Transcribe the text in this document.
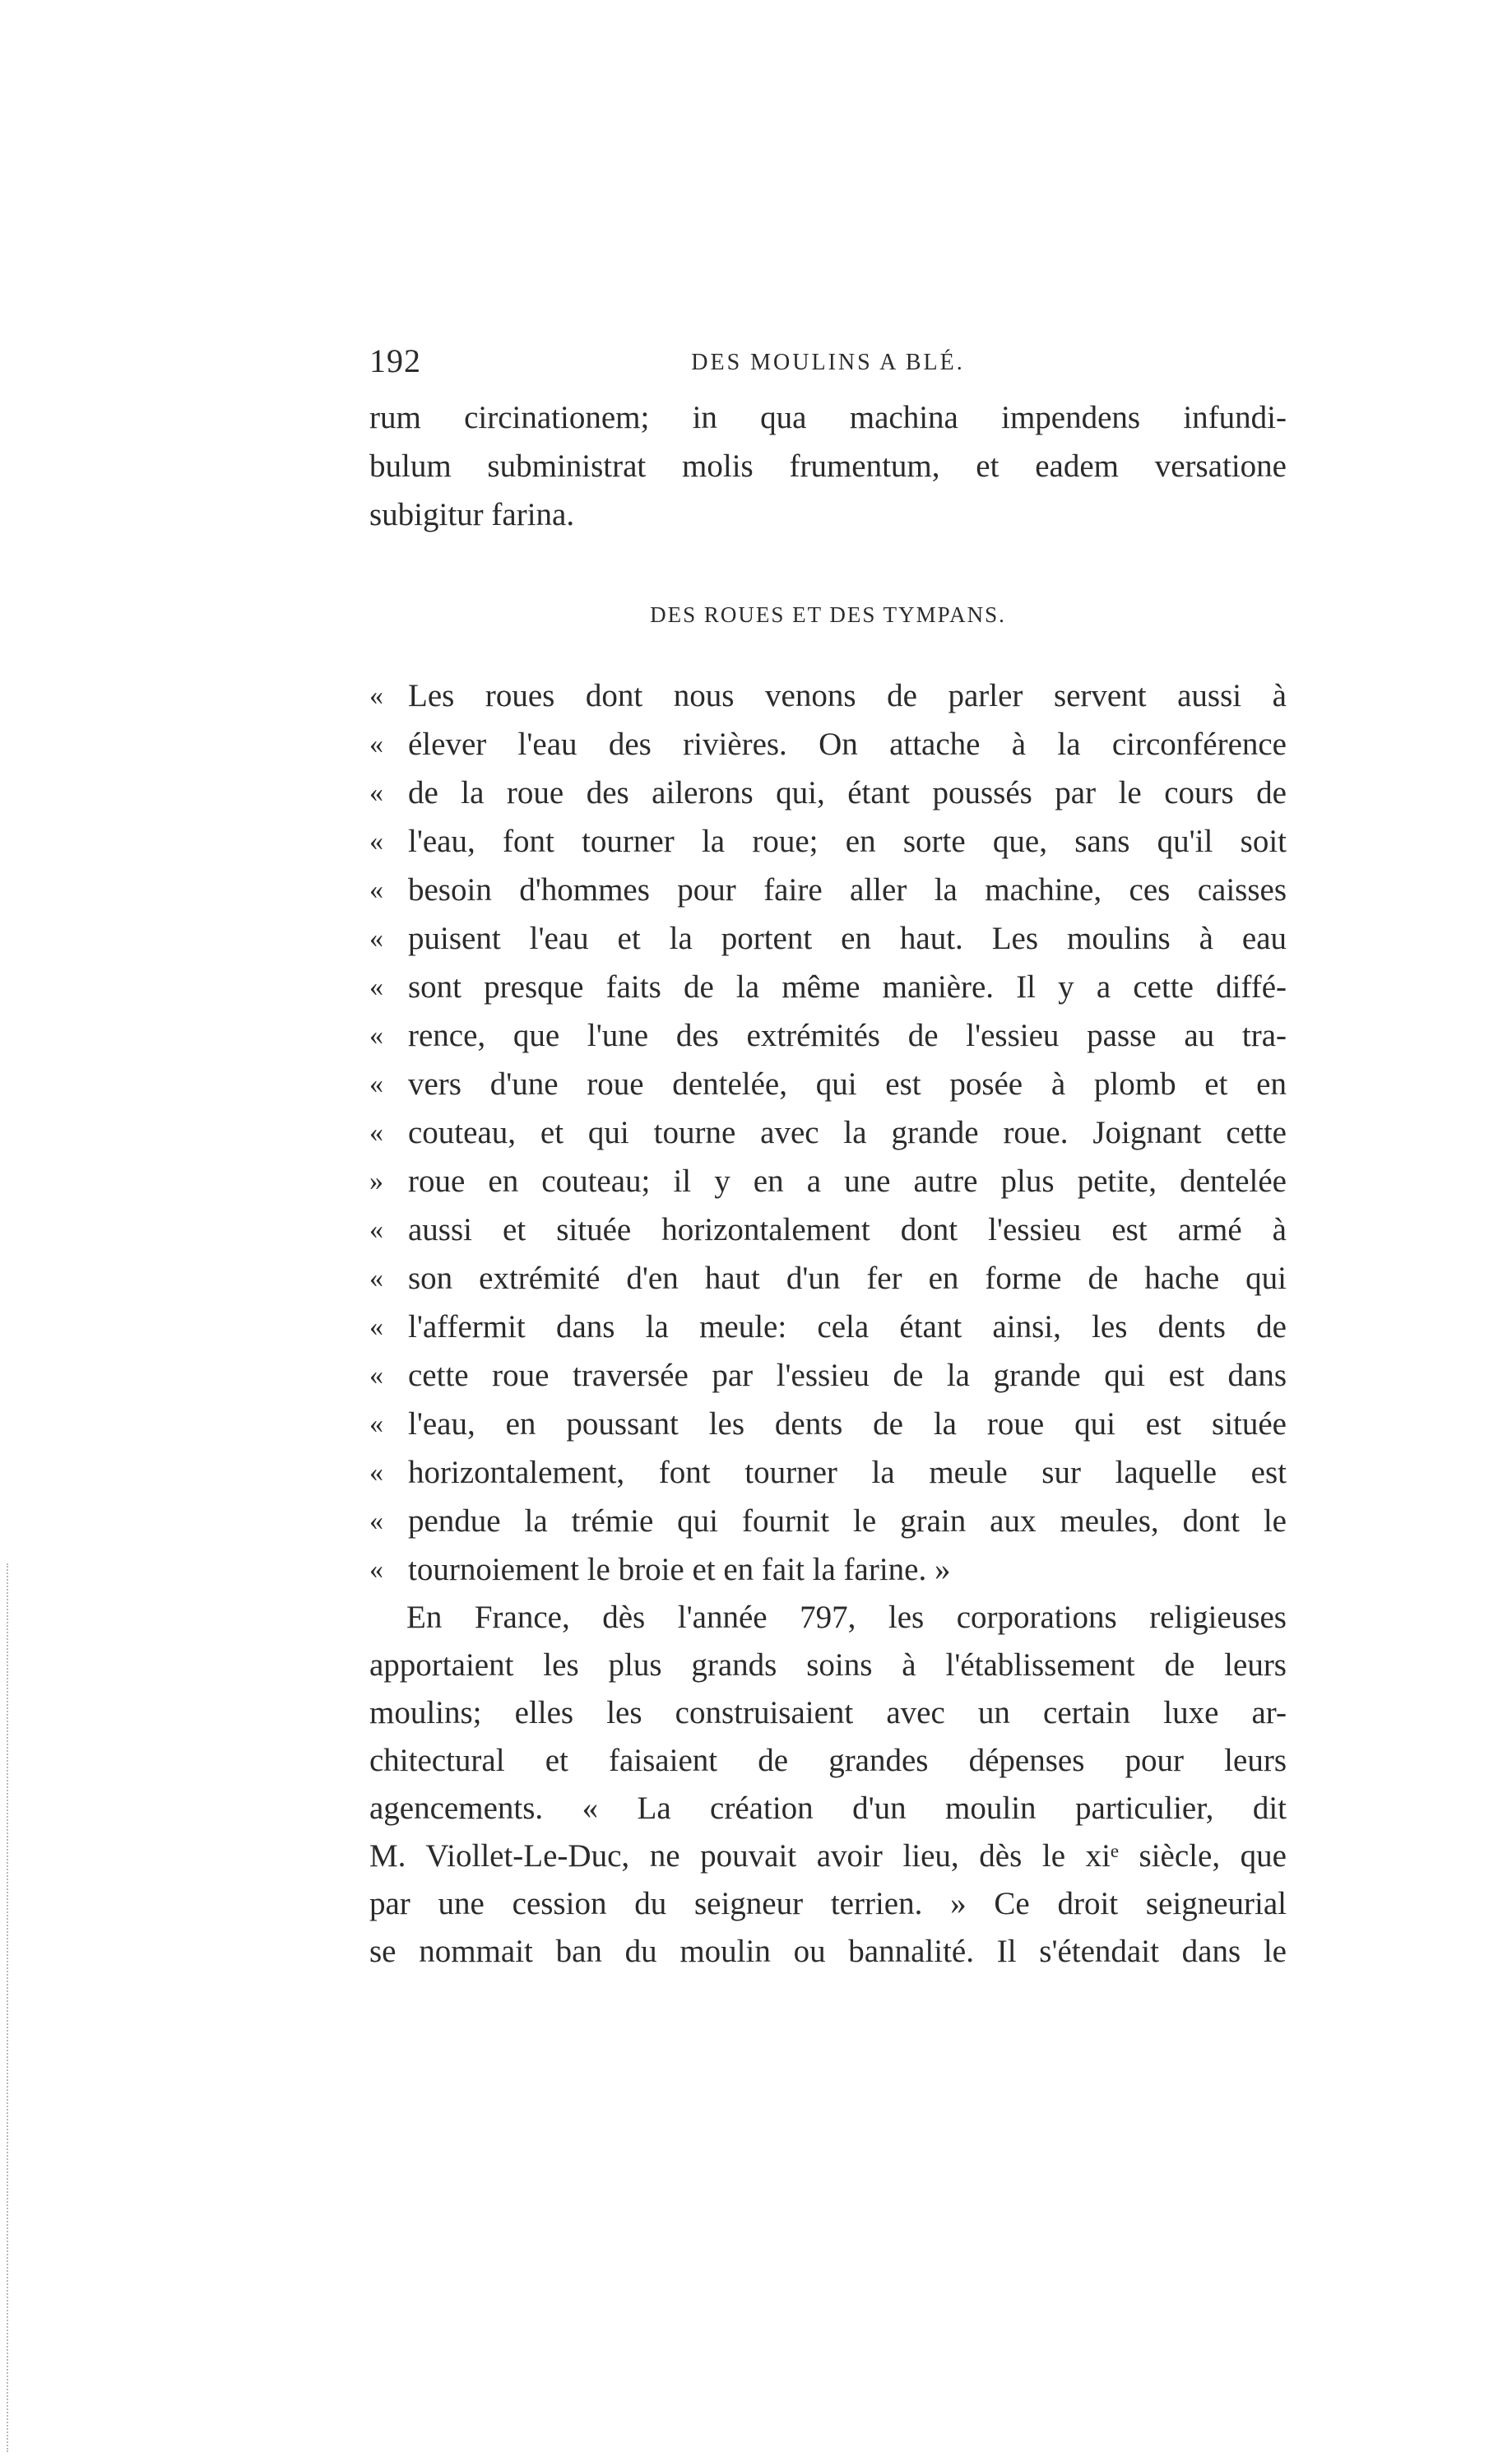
192	DES MOULINS A BLÉ.
rum circinationem; in qua machina impendens infundi-
bulum subministrat molis frumentum, et eadem versatione
subigitur farina.
DES ROUES ET DES TYMPANS.
« Les roues dont nous venons de parler servent aussi à
« élever l'eau des rivières. On attache à la circonférence
« de la roue des ailerons qui, étant poussés par le cours de
« l'eau, font tourner la roue; en sorte que, sans qu'il soit
« besoin d'hommes pour faire aller la machine, ces caisses
« puisent l'eau et la portent en haut. Les moulins à eau
« sont presque faits de la même manière. Il y a cette diffé-
« rence, que l'une des extrémités de l'essieu passe au tra-
« vers d'une roue dentelée, qui est posée à plomb et en
« couteau, et qui tourne avec la grande roue. Joignant cette
» roue en couteau; il y en a une autre plus petite, dentelée
« aussi et située horizontalement dont l'essieu est armé à
« son extrémité d'en haut d'un fer en forme de hache qui
« l'affermit dans la meule: cela étant ainsi, les dents de
« cette roue traversée par l'essieu de la grande qui est dans
« l'eau, en poussant les dents de la roue qui est située
« horizontalement, font tourner la meule sur laquelle est
« pendue la trémie qui fournit le grain aux meules, dont le
« tournoiement le broie et en fait la farine. »
En France, dès l'année 797, les corporations religieuses
apportaient les plus grands soins à l'établissement de leurs
moulins; elles les construisaient avec un certain luxe ar-
chitectural et faisaient de grandes dépenses pour leurs
agencements. « La création d'un moulin particulier, dit
M. Viollet-Le-Duc, ne pouvait avoir lieu, dès le xiᵉ siècle, que
par une cession du seigneur terrien. » Ce droit seigneurial
se nommait ban du moulin ou bannalité. Il s'étendait dans le
